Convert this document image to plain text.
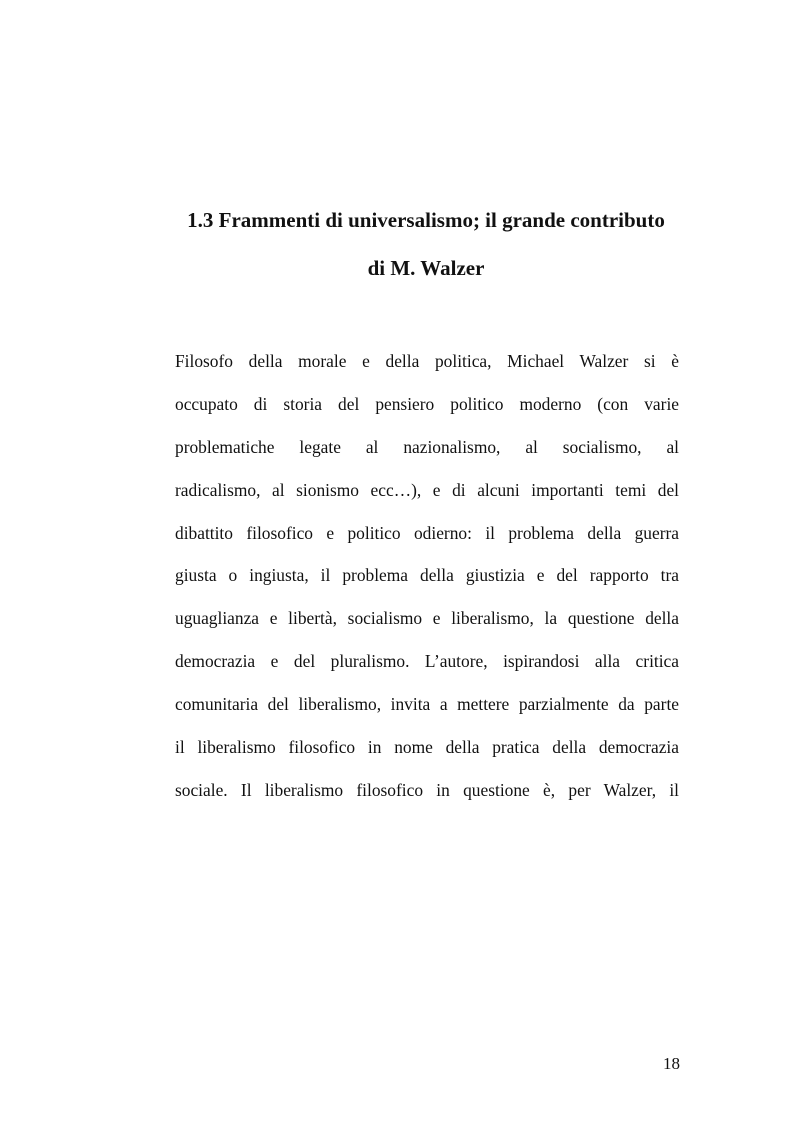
1.3 Frammenti di universalismo; il grande contributo
di M. Walzer
Filosofo della morale e della politica, Michael Walzer si è
occupato di storia del pensiero politico moderno (con varie
problematiche legate al nazionalismo, al socialismo, al
radicalismo, al sionismo ecc…), e di alcuni importanti temi del
dibattito filosofico e politico odierno: il problema della guerra
giusta o ingiusta, il problema della giustizia e del rapporto tra
uguaglianza e libertà, socialismo e liberalismo, la questione della
democrazia e del pluralismo. L’autore, ispirandosi alla critica
comunitaria del liberalismo, invita a mettere parzialmente da parte
il liberalismo filosofico in nome della pratica della democrazia
sociale. Il liberalismo filosofico in questione è, per Walzer, il

18
